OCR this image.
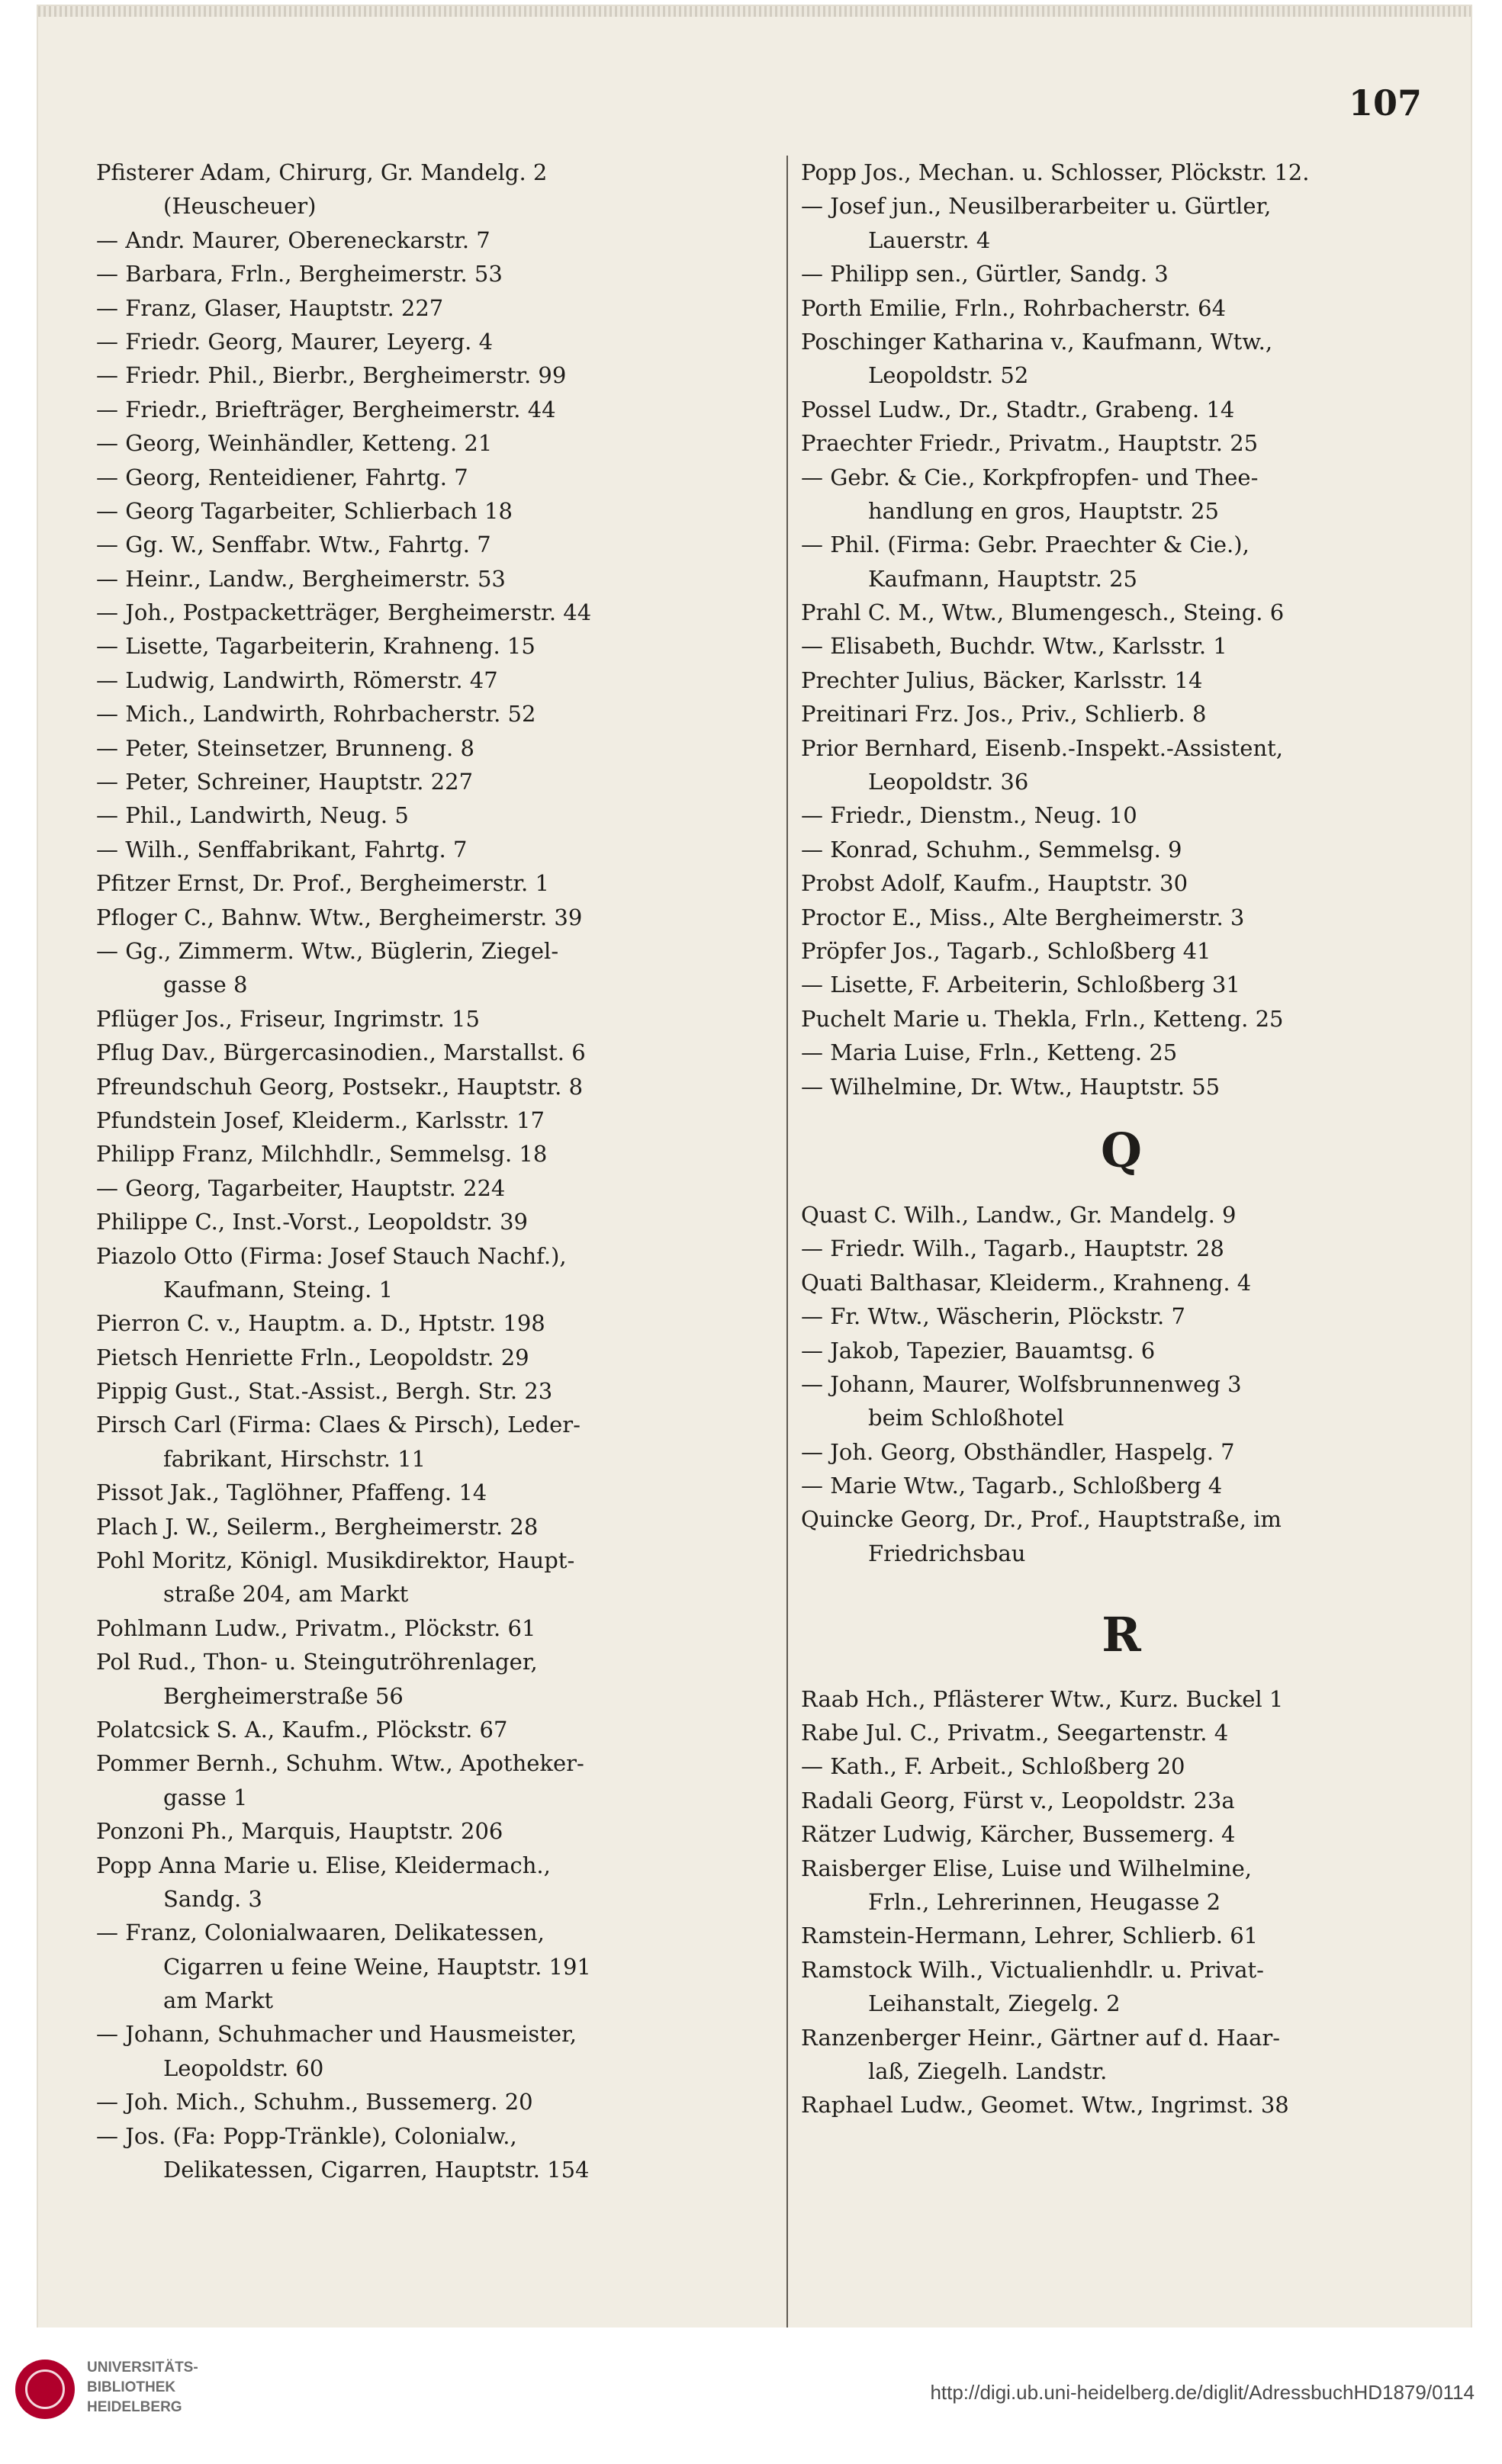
107
Pfisterer Adam, Chirurg, Gr. Mandelg. 2
(Heuscheuer)
— Andr. Maurer, Obereneckarstr. 7
— Barbara, Frln., Bergheimerstr. 53
— Franz, Glaser, Hauptstr. 227
— Friedr. Georg, Maurer, Leyerg. 4
— Friedr. Phil., Bierbr., Bergheimerstr. 99
— Friedr., Briefträger, Bergheimerstr. 44
— Georg, Weinhändler, Ketteng. 21
— Georg, Renteidiener, Fahrtg. 7
— Georg Tagarbeiter, Schlierbach 18
— Gg. W., Senffabr. Wtw., Fahrtg. 7
— Heinr., Landw., Bergheimerstr. 53
— Joh., Postpacketträger, Bergheimerstr. 44
— Lisette, Tagarbeiterin, Krahneng. 15
— Ludwig, Landwirth, Römerstr. 47
— Mich., Landwirth, Rohrbacherstr. 52
— Peter, Steinsetzer, Brunneng. 8
— Peter, Schreiner, Hauptstr. 227
— Phil., Landwirth, Neug. 5
— Wilh., Senffabrikant, Fahrtg. 7
Pfitzer Ernst, Dr. Prof., Bergheimerstr. 1
Pfloger C., Bahnw. Wtw., Bergheimerstr. 39
— Gg., Zimmerm. Wtw., Büglerin, Ziegel-
gasse 8
Pflüger Jos., Friseur, Ingrimstr. 15
Pflug Dav., Bürgercasinodien., Marstallst. 6
Pfreundschuh Georg, Postsekr., Hauptstr. 8
Pfundstein Josef, Kleiderm., Karlsstr. 17
Philipp Franz, Milchhdlr., Semmelsg. 18
— Georg, Tagarbeiter, Hauptstr. 224
Philippe C., Inst.-Vorst., Leopoldstr. 39
Piazolo Otto (Firma: Josef Stauch Nachf.),
Kaufmann, Steing. 1
Pierron C. v., Hauptm. a. D., Hptstr. 198
Pietsch Henriette Frln., Leopoldstr. 29
Pippig Gust., Stat.-Assist., Bergh. Str. 23
Pirsch Carl (Firma: Claes & Pirsch), Leder-
fabrikant, Hirschstr. 11
Pissot Jak., Taglöhner, Pfaffeng. 14
Plach J. W., Seilerm., Bergheimerstr. 28
Pohl Moritz, Königl. Musikdirektor, Haupt-
straße 204, am Markt
Pohlmann Ludw., Privatm., Plöckstr. 61
Pol Rud., Thon- u. Steingutröhrenlager,
Bergheimerstraße 56
Polatcsick S. A., Kaufm., Plöckstr. 67
Pommer Bernh., Schuhm. Wtw., Apotheker-
gasse 1
Ponzoni Ph., Marquis, Hauptstr. 206
Popp Anna Marie u. Elise, Kleidermach.,
Sandg. 3
— Franz, Colonialwaaren, Delikatessen,
Cigarren u feine Weine, Hauptstr. 191
am Markt
— Johann, Schuhmacher und Hausmeister,
Leopoldstr. 60
— Joh. Mich., Schuhm., Bussemerg. 20
— Jos. (Fa: Popp-Tränkle), Colonialw.,
Delikatessen, Cigarren, Hauptstr. 154
Popp Jos., Mechan. u. Schlosser, Plöckstr. 12.
— Josef jun., Neusilberarbeiter u. Gürtler,
Lauerstr. 4
— Philipp sen., Gürtler, Sandg. 3
Porth Emilie, Frln., Rohrbacherstr. 64
Poschinger Katharina v., Kaufmann, Wtw.,
Leopoldstr. 52
Possel Ludw., Dr., Stadtr., Grabeng. 14
Praechter Friedr., Privatm., Hauptstr. 25
— Gebr. & Cie., Korkpfropfen- und Thee-
handlung en gros, Hauptstr. 25
— Phil. (Firma: Gebr. Praechter & Cie.),
Kaufmann, Hauptstr. 25
Prahl C. M., Wtw., Blumengesch., Steing. 6
— Elisabeth, Buchdr. Wtw., Karlsstr. 1
Prechter Julius, Bäcker, Karlsstr. 14
Preitinari Frz. Jos., Priv., Schlierb. 8
Prior Bernhard, Eisenb.-Inspekt.-Assistent,
Leopoldstr. 36
— Friedr., Dienstm., Neug. 10
— Konrad, Schuhm., Semmelsg. 9
Probst Adolf, Kaufm., Hauptstr. 30
Proctor E., Miss., Alte Bergheimerstr. 3
Pröpfer Jos., Tagarb., Schloßberg 41
— Lisette, F. Arbeiterin, Schloßberg 31
Puchelt Marie u. Thekla, Frln., Ketteng. 25
— Maria Luise, Frln., Ketteng. 25
— Wilhelmine, Dr. Wtw., Hauptstr. 55
Q
Quast C. Wilh., Landw., Gr. Mandelg. 9
— Friedr. Wilh., Tagarb., Hauptstr. 28
Quati Balthasar, Kleiderm., Krahneng. 4
— Fr. Wtw., Wäscherin, Plöckstr. 7
— Jakob, Tapezier, Bauamtsg. 6
— Johann, Maurer, Wolfsbrunnenweg 3
beim Schloßhotel
— Joh. Georg, Obsthändler, Haspelg. 7
— Marie Wtw., Tagarb., Schloßberg 4
Quincke Georg, Dr., Prof., Hauptstraße, im
Friedrichsbau
R
Raab Hch., Pflästerer Wtw., Kurz. Buckel 1
Rabe Jul. C., Privatm., Seegartenstr. 4
— Kath., F. Arbeit., Schloßberg 20
Radali Georg, Fürst v., Leopoldstr. 23a
Rätzer Ludwig, Kärcher, Bussemerg. 4
Raisberger Elise, Luise und Wilhelmine,
Frln., Lehrerinnen, Heugasse 2
Ramstein-Hermann, Lehrer, Schlierb. 61
Ramstock Wilh., Victualienhdlr. u. Privat-
Leihanstalt, Ziegelg. 2
Ranzenberger Heinr., Gärtner auf d. Haar-
laß, Ziegelh. Landstr.
Raphael Ludw., Geomet. Wtw., Ingrimst. 38
UNIVERSITÄTS-
BIBLIOTHEK
HEIDELBERG
http://digi.ub.uni-heidelberg.de/diglit/AdressbuchHD1879/0114
